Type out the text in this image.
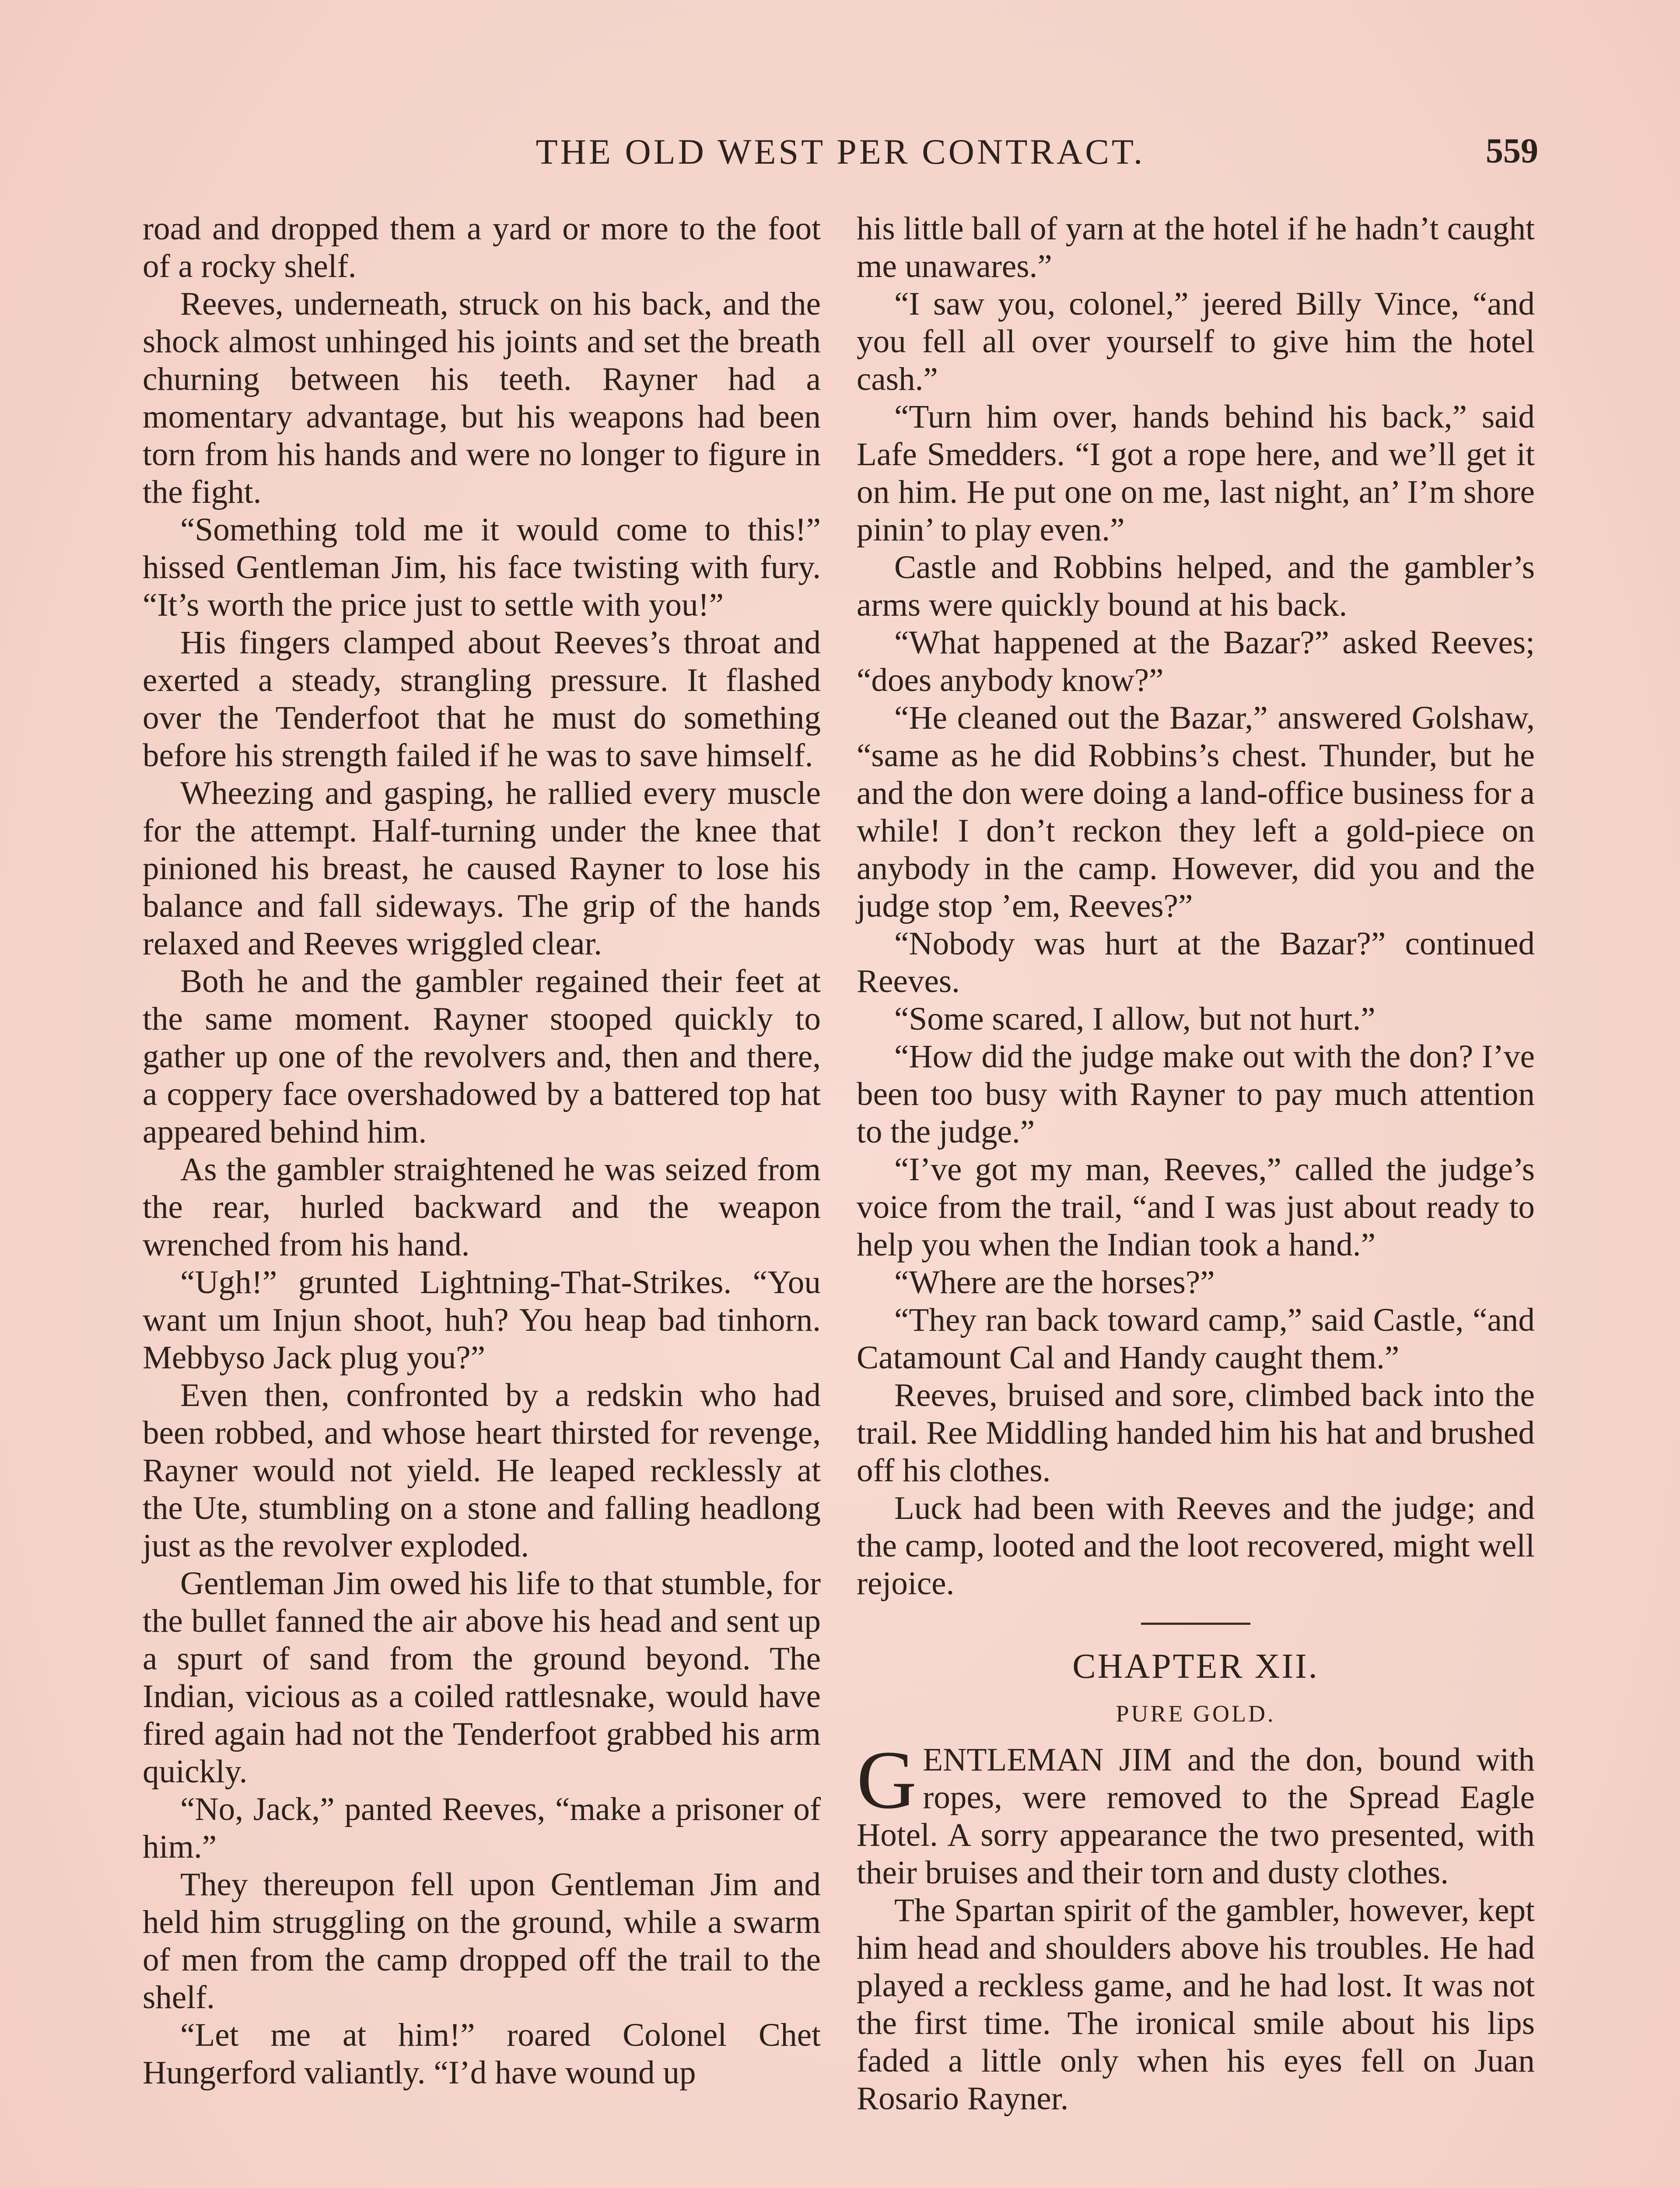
THE OLD WEST PER CONTRACT.	559

road and dropped them a yard or more to the foot of a rocky shelf.

Reeves, underneath, struck on his back, and the shock almost unhinged his joints and set the breath churning between his teeth. Rayner had a momentary advantage, but his weapons had been torn from his hands and were no longer to figure in the fight.

“Something told me it would come to this!” hissed Gentleman Jim, his face twisting with fury. “It’s worth the price just to settle with you!”

His fingers clamped about Reeves’s throat and exerted a steady, strangling pressure. It flashed over the Tenderfoot that he must do something before his strength failed if he was to save himself.

Wheezing and gasping, he rallied every muscle for the attempt. Half-turning under the knee that pinioned his breast, he caused Rayner to lose his balance and fall sideways. The grip of the hands relaxed and Reeves wriggled clear.

Both he and the gambler regained their feet at the same moment. Rayner stooped quickly to gather up one of the revolvers and, then and there, a coppery face overshadowed by a battered top hat appeared behind him.

As the gambler straightened he was seized from the rear, hurled backward and the weapon wrenched from his hand.

“Ugh!” grunted Lightning-That-Strikes. “You want um Injun shoot, huh? You heap bad tinhorn. Mebbyso Jack plug you?”

Even then, confronted by a redskin who had been robbed, and whose heart thirsted for revenge, Rayner would not yield. He leaped recklessly at the Ute, stumbling on a stone and falling headlong just as the revolver exploded.

Gentleman Jim owed his life to that stumble, for the bullet fanned the air above his head and sent up a spurt of sand from the ground beyond. The Indian, vicious as a coiled rattlesnake, would have fired again had not the Tenderfoot grabbed his arm quickly.

“No, Jack,” panted Reeves, “make a prisoner of him.”

They thereupon fell upon Gentleman Jim and held him struggling on the ground, while a swarm of men from the camp dropped off the trail to the shelf.

“Let me at him!” roared Colonel Chet Hungerford valiantly. “I’d have wound up

his little ball of yarn at the hotel if he hadn’t caught me unawares.”

“I saw you, colonel,” jeered Billy Vince, “and you fell all over yourself to give him the hotel cash.”

“Turn him over, hands behind his back,” said Lafe Smedders. “I got a rope here, and we’ll get it on him. He put one on me, last night, an’ I’m shore pinin’ to play even.”

Castle and Robbins helped, and the gambler’s arms were quickly bound at his back.

“What happened at the Bazar?” asked Reeves; “does anybody know?”

“He cleaned out the Bazar,” answered Golshaw, “same as he did Robbins’s chest. Thunder, but he and the don were doing a land-office business for a while! I don’t reckon they left a gold-piece on anybody in the camp. However, did you and the judge stop ’em, Reeves?”

“Nobody was hurt at the Bazar?” continued Reeves.

“Some scared, I allow, but not hurt.”

“How did the judge make out with the don? I’ve been too busy with Rayner to pay much attention to the judge.”

“I’ve got my man, Reeves,” called the judge’s voice from the trail, “and I was just about ready to help you when the Indian took a hand.”

“Where are the horses?”

“They ran back toward camp,” said Castle, “and Catamount Cal and Handy caught them.”

Reeves, bruised and sore, climbed back into the trail. Ree Middling handed him his hat and brushed off his clothes.

Luck had been with Reeves and the judge; and the camp, looted and the loot recovered, might well rejoice.

CHAPTER XII.
PURE GOLD.

GENTLEMAN JIM and the don, bound with ropes, were removed to the Spread Eagle Hotel. A sorry appearance the two presented, with their bruises and their torn and dusty clothes.

The Spartan spirit of the gambler, however, kept him head and shoulders above his troubles. He had played a reckless game, and he had lost. It was not the first time. The ironical smile about his lips faded a little only when his eyes fell on Juan Rosario Rayner.
